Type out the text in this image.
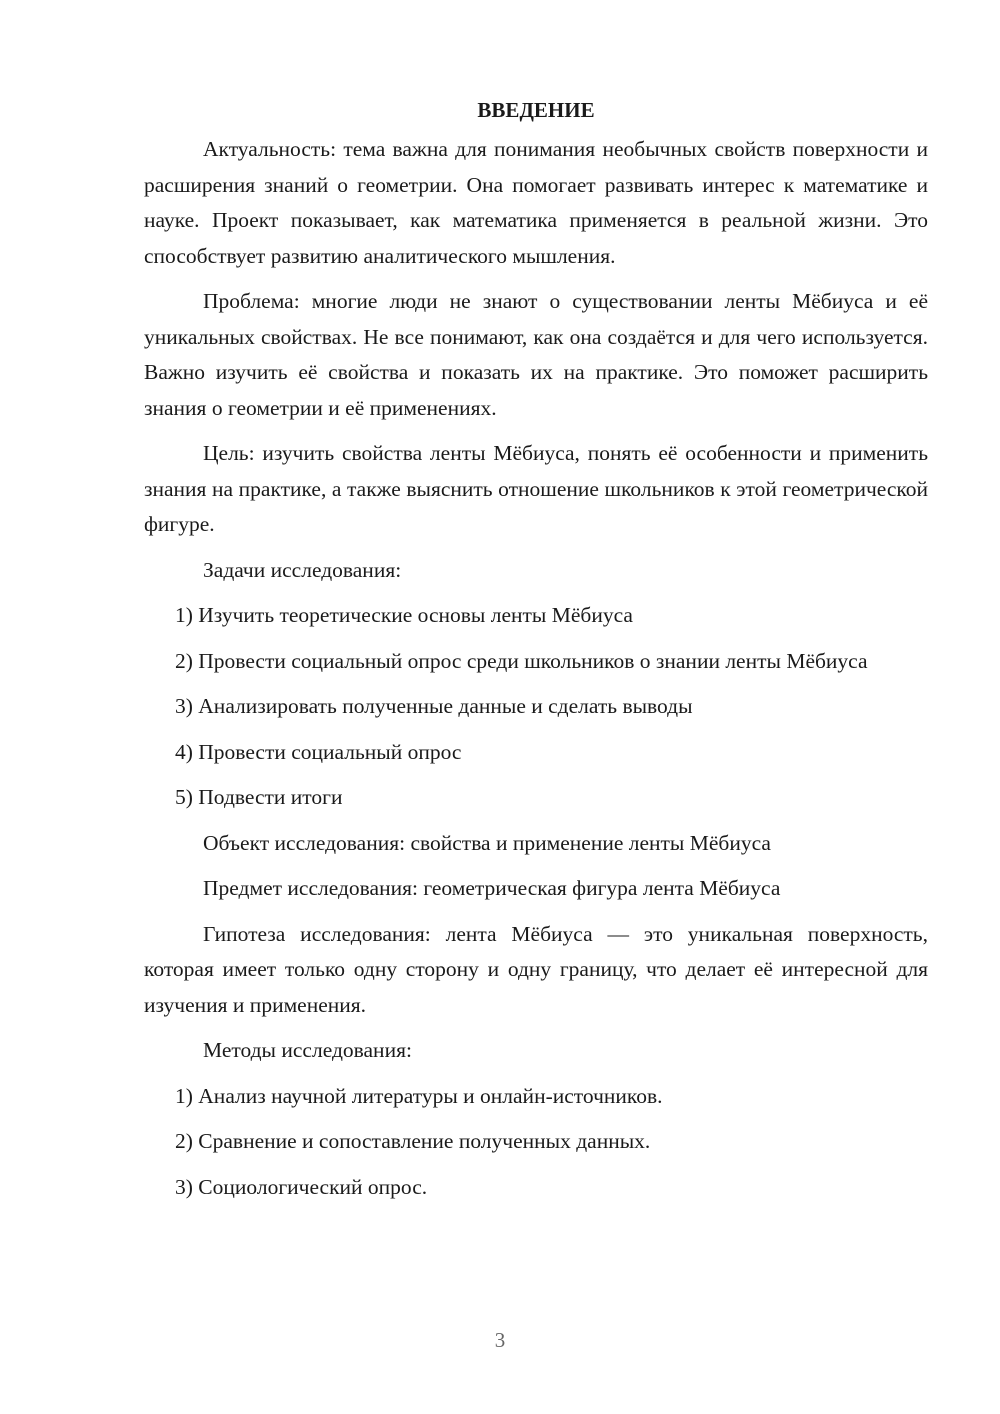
ВВЕДЕНИЕ

Актуальность: тема важна для понимания необычных свойств поверхности и расширения знаний о геометрии. Она помогает развивать интерес к математике и науке. Проект показывает, как математика применяется в реальной жизни. Это способствует развитию аналитического мышления.

Проблема: многие люди не знают о существовании ленты Мёбиуса и её уникальных свойствах. Не все понимают, как она создаётся и для чего используется. Важно изучить её свойства и показать их на практике. Это поможет расширить знания о геометрии и её применениях.

Цель: изучить свойства ленты Мёбиуса, понять её особенности и применить знания на практике, а также выяснить отношение школьников к этой геометрической фигуре.

Задачи исследования:

1) Изучить теоретические основы ленты Мёбиуса

2) Провести социальный опрос среди школьников о знании ленты Мёбиуса

3) Анализировать полученные данные и сделать выводы

4) Провести социальный опрос

5) Подвести итоги

Объект исследования: свойства и применение ленты Мёбиуса

Предмет исследования: геометрическая фигура лента Мёбиуса

Гипотеза исследования: лента Мёбиуса — это уникальная поверхность, которая имеет только одну сторону и одну границу, что делает её интересной для изучения и применения.

Методы исследования:

1) Анализ научной литературы и онлайн-источников.

2) Сравнение и сопоставление полученных данных.

3) Социологический опрос.

3
